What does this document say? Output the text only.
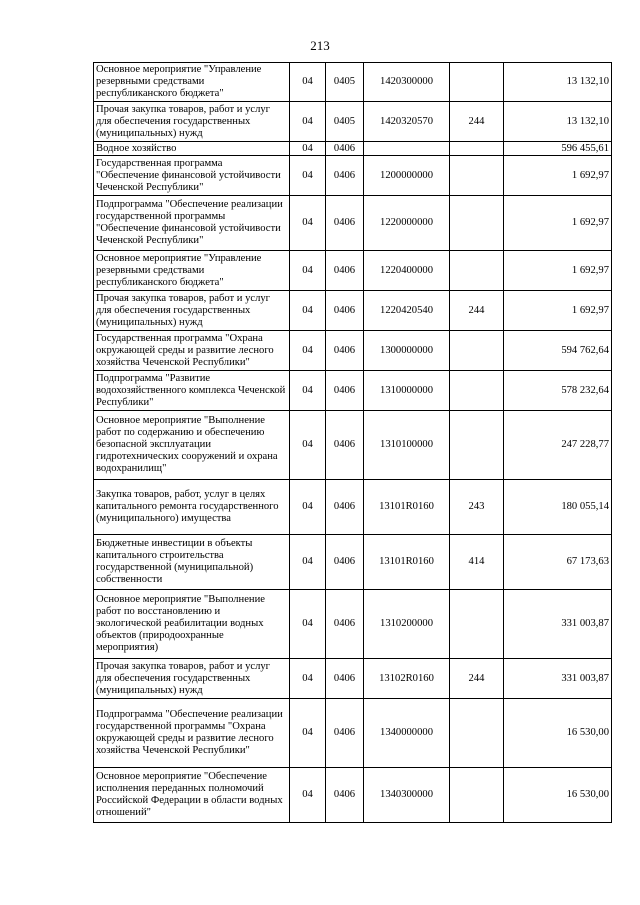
213
Основное мероприятие "Управление резервными средствами республиканского бюджета"	04	0405	1420300000		13 132,10
Прочая закупка товаров, работ и услуг для обеспечения государственных (муниципальных) нужд	04	0405	1420320570	244	13 132,10
Водное хозяйство	04	0406			596 455,61
Государственная программа "Обеспечение финансовой устойчивости Чеченской Республики"	04	0406	1200000000		1 692,97
Подпрограмма "Обеспечение реализации государственной программы "Обеспечение финансовой устойчивости Чеченской Республики"	04	0406	1220000000		1 692,97
Основное мероприятие "Управление резервными средствами республиканского бюджета"	04	0406	1220400000		1 692,97
Прочая закупка товаров, работ и услуг для обеспечения государственных (муниципальных) нужд	04	0406	1220420540	244	1 692,97
Государственная программа "Охрана окружающей среды и развитие лесного хозяйства Чеченской Республики"	04	0406	1300000000		594 762,64
Подпрограмма "Развитие водохозяйственного комплекса Чеченской Республики"	04	0406	1310000000		578 232,64
Основное мероприятие "Выполнение работ по содержанию и обеспечению безопасной эксплуатации гидротехнических сооружений и охрана водохранилищ"	04	0406	1310100000		247 228,77
Закупка товаров, работ, услуг в целях капитального ремонта государственного (муниципального) имущества	04	0406	13101R0160	243	180 055,14
Бюджетные инвестиции в объекты капитального строительства государственной (муниципальной) собственности	04	0406	13101R0160	414	67 173,63
Основное мероприятие "Выполнение работ по восстановлению и экологической реабилитации водных объектов (природоохранные мероприятия)	04	0406	1310200000		331 003,87
Прочая закупка товаров, работ и услуг для обеспечения государственных (муниципальных) нужд	04	0406	13102R0160	244	331 003,87
Подпрограмма "Обеспечение реализации государственной программы "Охрана окружающей среды и развитие лесного хозяйства Чеченской Республики"	04	0406	1340000000		16 530,00
Основное мероприятие "Обеспечение исполнения переданных полномочий Российской Федерации в области водных отношений"	04	0406	1340300000		16 530,00
